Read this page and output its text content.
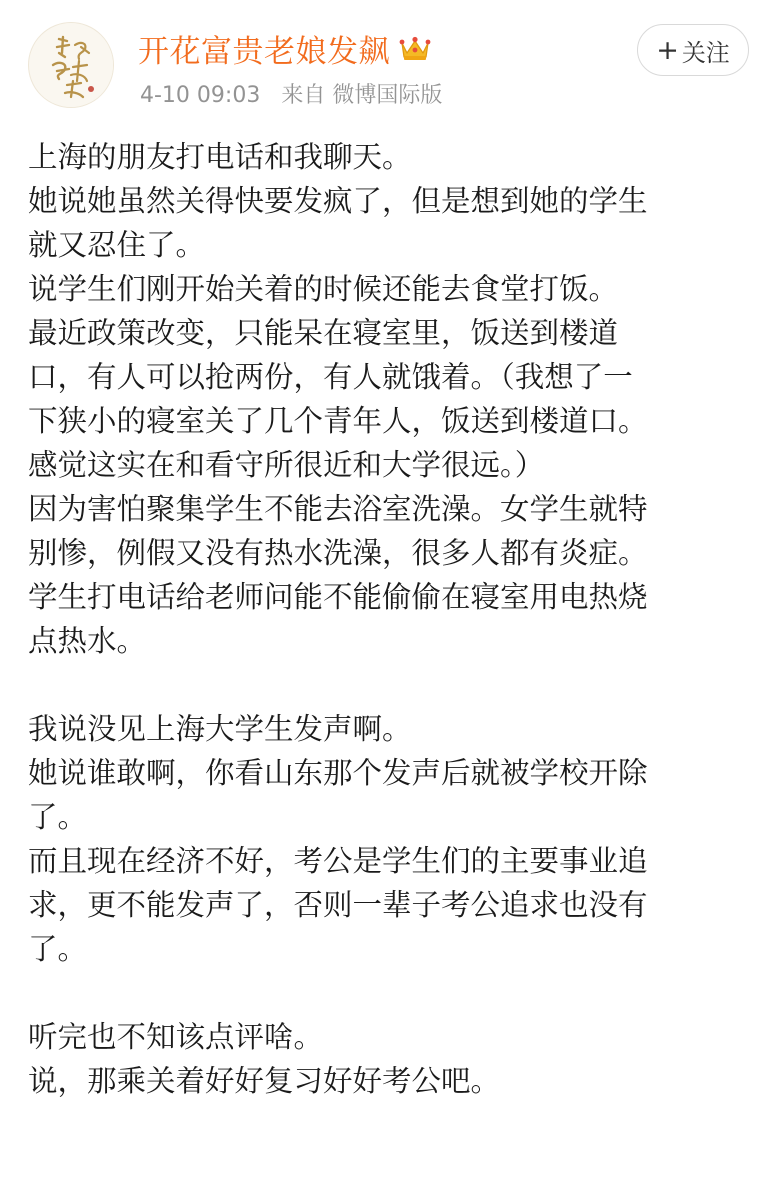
开花富贵老娘发飙
4-10 09:03 来自 微博国际版
+ 关注
上海的朋友打电话和我聊天。
她说她虽然关得快要发疯了，但是想到她的学生
就又忍住了。
说学生们刚开始关着的时候还能去食堂打饭。
最近政策改变，只能呆在寝室里，饭送到楼道
口，有人可以抢两份，有人就饿着。（我想了一
下狭小的寝室关了几个青年人，饭送到楼道口。
感觉这实在和看守所很近和大学很远。）
因为害怕聚集学生不能去浴室洗澡。女学生就特
别惨，例假又没有热水洗澡，很多人都有炎症。
学生打电话给老师问能不能偷偷在寝室用电热烧
点热水。
我说没见上海大学生发声啊。
她说谁敢啊，你看山东那个发声后就被学校开除
了。
而且现在经济不好，考公是学生们的主要事业追
求，更不能发声了，否则一辈子考公追求也没有
了。
听完也不知该点评啥。
说，那乘关着好好复习好好考公吧。
